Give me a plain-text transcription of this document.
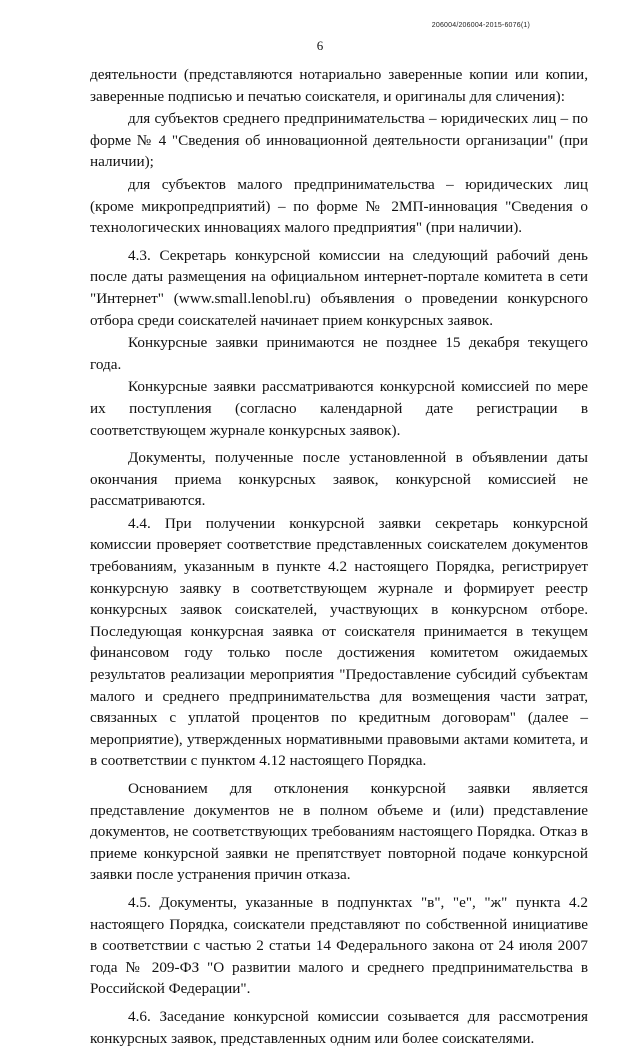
206004/206004-2015-6076(1)
6

деятельности (представляются нотариально заверенные копии или копии, заверенные подписью и печатью соискателя, и оригиналы для сличения):

для субъектов среднего предпринимательства – юридических лиц – по форме № 4 "Сведения об инновационной деятельности организации" (при наличии);

для субъектов малого предпринимательства – юридических лиц (кроме микропредприятий) – по форме № 2МП-инновация "Сведения о технологических инновациях малого предприятия" (при наличии).

4.3. Секретарь конкурсной комиссии на следующий рабочий день после даты размещения на официальном интернет-портале комитета в сети "Интернет" (www.small.lenobl.ru) объявления о проведении конкурсного отбора среди соискателей начинает прием конкурсных заявок.

Конкурсные заявки принимаются не позднее 15 декабря текущего года.

Конкурсные заявки рассматриваются конкурсной комиссией по мере их поступления (согласно календарной дате регистрации в соответствующем журнале конкурсных заявок).

Документы, полученные после установленной в объявлении даты окончания приема конкурсных заявок, конкурсной комиссией не рассматриваются.

4.4. При получении конкурсной заявки секретарь конкурсной комиссии проверяет соответствие представленных соискателем документов требованиям, указанным в пункте 4.2 настоящего Порядка, регистрирует конкурсную заявку в соответствующем журнале и формирует реестр конкурсных заявок соискателей, участвующих в конкурсном отборе. Последующая конкурсная заявка от соискателя принимается в текущем финансовом году только после достижения комитетом ожидаемых результатов реализации мероприятия "Предоставление субсидий субъектам малого и среднего предпринимательства для возмещения части затрат, связанных с уплатой процентов по кредитным договорам" (далее – мероприятие), утвержденных нормативными правовыми актами комитета, и в соответствии с пунктом 4.12 настоящего Порядка.

Основанием для отклонения конкурсной заявки является представление документов не в полном объеме и (или) представление документов, не соответствующих требованиям настоящего Порядка. Отказ в приеме конкурсной заявки не препятствует повторной подаче конкурсной заявки после устранения причин отказа.

4.5. Документы, указанные в подпунктах "в", "е", "ж" пункта 4.2 настоящего Порядка, соискатели представляют по собственной инициативе в соответствии с частью 2 статьи 14 Федерального закона от 24 июля 2007 года № 209-ФЗ "О развитии малого и среднего предпринимательства в Российской Федерации".

4.6. Заседание конкурсной комиссии созывается для рассмотрения конкурсных заявок, представленных одним или более соискателями.
